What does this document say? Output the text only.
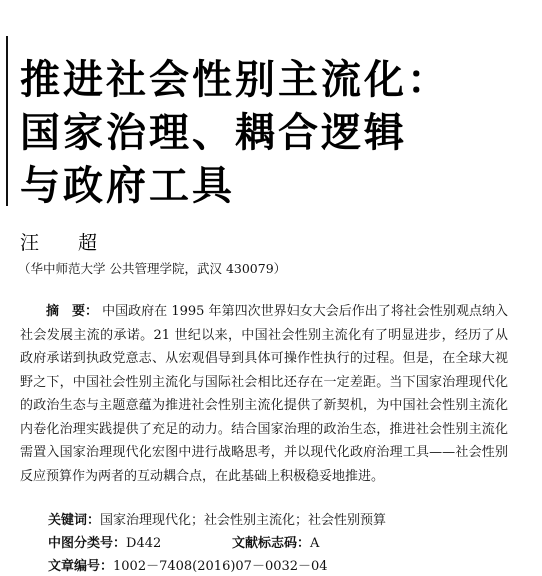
推进社会性别主流化：
国家治理、耦合逻辑
与政府工具
汪　超
（华中师范大学 公共管理学院，武汉 430079）
摘　要： 中国政府在 1995 年第四次世界妇女大会后作出了将社会性别观点纳入社会发展主流的承诺。21 世纪以来，中国社会性别主流化有了明显进步，经历了从政府承诺到执政党意志、从宏观倡导到具体可操作性执行的过程。但是，在全球大视野之下，中国社会性别主流化与国际社会相比还存在一定差距。当下国家治理现代化的政治生态与主题意蕴为推进社会性别主流化提供了新契机，为中国社会性别主流化内卷化治理实践提供了充足的动力。结合国家治理的政治生态，推进社会性别主流化需置入国家治理现代化宏图中进行战略思考，并以现代化政府治理工具——社会性别反应预算作为两者的互动耦合点，在此基础上积极稳妥地推进。
关键词：国家治理现代化；社会性别主流化；社会性别预算
中图分类号：D442	文献标志码：A
文章编号：1002－7408(2016)07－0032－04
